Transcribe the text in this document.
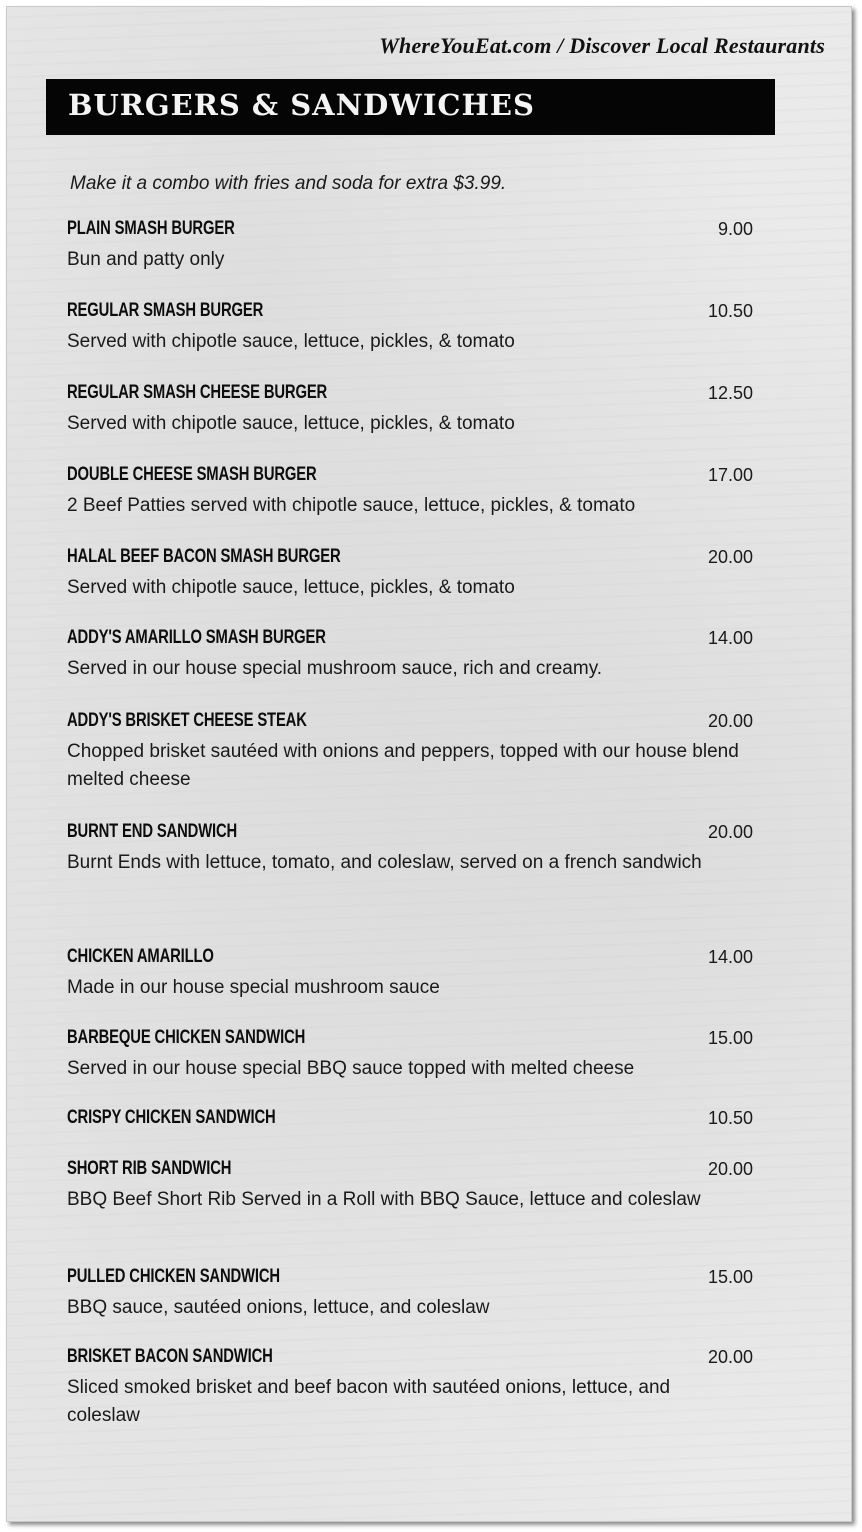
WhereYouEat.com / Discover Local Restaurants
BURGERS & SANDWICHES
Make it a combo with fries and soda for extra $3.99.
PLAIN SMASH BURGER	9.00
Bun and patty only
REGULAR SMASH BURGER	10.50
Served with chipotle sauce, lettuce, pickles, & tomato
REGULAR SMASH CHEESE BURGER	12.50
Served with chipotle sauce, lettuce, pickles, & tomato
DOUBLE CHEESE SMASH BURGER	17.00
2 Beef Patties served with chipotle sauce, lettuce, pickles, & tomato
HALAL BEEF BACON SMASH BURGER	20.00
Served with chipotle sauce, lettuce, pickles, & tomato
ADDY'S AMARILLO SMASH BURGER	14.00
Served in our house special mushroom sauce, rich and creamy.
ADDY'S BRISKET CHEESE STEAK	20.00
Chopped brisket sautéed with onions and peppers, topped with our house blend melted cheese
BURNT END SANDWICH	20.00
Burnt Ends with lettuce, tomato, and coleslaw, served on a french sandwich
CHICKEN AMARILLO	14.00
Made in our house special mushroom sauce
BARBEQUE CHICKEN SANDWICH	15.00
Served in our house special BBQ sauce topped with melted cheese
CRISPY CHICKEN SANDWICH	10.50
SHORT RIB SANDWICH	20.00
BBQ Beef Short Rib Served in a Roll with BBQ Sauce, lettuce and coleslaw
PULLED CHICKEN SANDWICH	15.00
BBQ sauce, sautéed onions, lettuce, and coleslaw
BRISKET BACON SANDWICH	20.00
Sliced smoked brisket and beef bacon with sautéed onions, lettuce, and coleslaw
